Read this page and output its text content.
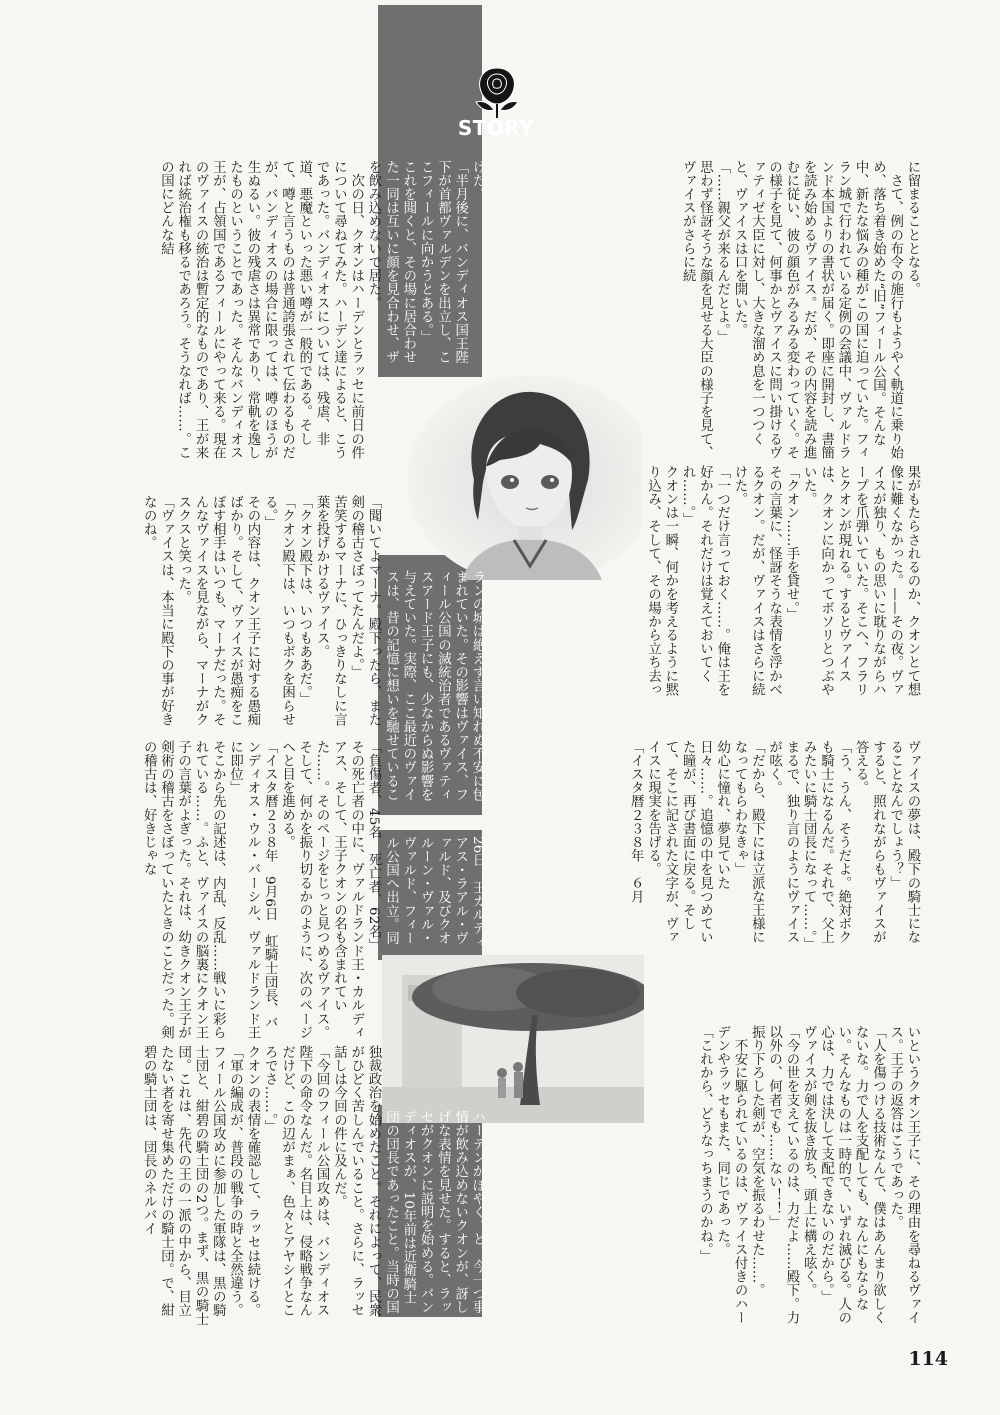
STORY
に留まることとなる。
　さて、例の布令の施行もようやく軌道に乗り始め、落ち着き始めた“旧”フィール公国。そんな中、新たな悩みの種がこの国に迫っていた。フィラン城で行われている定例の会議中、ヴァルドランド本国よりの書状が届く。即座に開封し、書簡を読み始めるヴァイス。だが、その内容を読み進むに従い、彼の顔色がみるみる変わっていく。その様子を見て、何事かとヴァイスに問い掛けるヴァティゼ大臣に対し、大きな溜め息を一つつくと、ヴァイスは口を開いた。
「……親父が来るんだとよ。」
思わず怪訝そうな顔を見せる大臣の様子を見て、ヴァイスがさらに続
けた。
「半月後に、バンディオス国王陛下が首都ヴァルデンを出立し、ここフィールに向かうとある。」
これを聞くと、その場に居合わせた一同は互いに顔を見合わせ、ザ
を飲み込めないで居た。
　次の日、クオンはハーデンとラッセに前日の件について尋ねてみた。ハーデン達によると、こうであった。バンディオスについては、残虐、非道、悪魔といった悪い噂が一般的である。そして、噂と言うものは普通誇張されて伝わるものだが、バンディオスの場合に限っては、噂のほうが生ぬるい。彼の残虐さは異常であり、常軌を逸したものということであった。そんなバンディオス王が、占領国であるフィールにやって来る。現在のヴァイスの統治は暫定的なものであり、王が来れば統治権も移るであろう。そうなれば……。この国にどんな結
果がもたらされるのか、クオンとて想像に難くなかった。——その夜。ヴァイスが独り、もの思いに耽りながらハープを爪弾いていた。そこへ、フラリとクオンが現れる。するとヴァイスは、クオンに向かってボソリとつぶやいた。
「クオン……手を貸せ。」
その言葉に、怪訝そうな表情を浮かべるクオン。だが、ヴァイスはさらに続けた。
「一つだけ言っておく……。俺は王を好かん。それだけは覚えておいてくれ……。」
クオンは一瞬、何かを考えるように黙り込み、そして、その場から立ち去っ

ランの城は絶えず言い知れぬ不安に包まれていた。その影響はヴァイス、フィール公国の滅統治者であるヴァティスアード王子にも、少なからぬ影響を与えていた。実際、ここ最近のヴァイスは、昔の記憶に想いを馳せているこ
「聞いてよマーナ。殿下ったら、また剣の稽古さぼってたんだよ。」
苦笑するマーナに、ひっきりなしに言葉を投げかけるヴァイス。
「クオン殿下は、いつもああだ。」
「クオン殿下は、いつもボクを困らせる。」
その内容は、クオン王子に対する愚痴ばかり。そして、ヴァイスが愚痴をこぼす相手はいつも、マーナだった。そんなヴァイスを見ながら、マーナがクスクスと笑った。
「ヴァイスは、本当に殿下の事が好きなのね。
ヴァイスの夢は、殿下の騎士になることなんでしょう？」
すると、照れながらもヴァイスが答える。
「う、うん、そうだよ。絶対ボクも騎士になるんだ。それで、父上みたいに騎士団長になって……。」
まるで、独り言のようにヴァイスが呟く。
「だから、殿下には立派な王様になってもらわなきゃ」
幼心に憧れ、夢見ていた日々……。追憶の中を見つめていた瞳が、再び書面に戻る。そして、そこに記された文字が、ヴァイスに現実を告げる。
「イスタ暦２３８年　６月
26日：王カルディアス・ラアル・ヴァルド、及びクオルーン・ヴァル・ヴァルド、フィール公国へ出立。同
「負傷者、45名　死亡者、62名」
その死亡者の中に、ヴァルドランド王・カルディアス、そして、王子クオンの名も含まれていた……。そのページをじっと見つめるヴァイス。そして、何かを振り切るかのように、次のページへと目を進める。
「イスタ暦２３８年　9月6日　虹騎士団長、バンディオス・ウル・バーシル、ヴァルドランド王に即位」
そこから先の記述は、内乱、反乱……戦いに彩られている……。ふと、ヴァイスの脳裏にクオン王子の言葉がよぎった。それは、幼きクオン王子が剣術の稽古をさぼっていたときのことだった。剣の稽古は、好きじゃな
いというクオン王子に、その理由を尋ねるヴァイス。王子の返答はこうであった。
「人を傷つける技術なんて、僕はあんまり欲しくないな。力で人を支配しても、なんにもならない。そんなものは一時的で、いずれ滅びる。人の心は、力では決して支配できないのだから。」
ヴァイスが剣を抜き放ち、頭上に構え呟く。
「今の世を支えているのは、力だよ……殿下。力以外の、何者でも……ない！！」
振り下ろした剣が、空気を振るわせた……。
　不安に駆られているのは、ヴァイス付きのハーデンやラッセもまた、同じであった。
「これから、どうなっちまうのかね。」
ハーデンがぼやく。と、今一つ事情が飲み込めないクオンが、訝しげな表情を見せた。すると、ラッセがクオンに説明を始める。バンディオスが、10年前は近衛騎士団の団長であったこと。当時の国
独裁政治を始めたこと。それによって、民衆がひどく苦しんでいること。さらに、ラッセ話しは今回の件に及んだ。
「今回のフィール公国攻めは、バンディオス陛下の命令なんだ。名目上は、侵略戦争なんだけど、この辺がまぁ、色々とアヤシイところでさ……。」
クオンの表情を確認して、ラッセは続ける。
「軍の編成が、普段の戦争の時と全然違う。フィール公国攻めに参加した軍隊は、黒の騎士団と、紺碧の騎士団の2つ。まず、黒の騎士団。これは、先代の王の一派の中から、目立たない者を寄せ集めただけの騎士団。で、紺碧の騎士団は、団長のネルバイ
114
